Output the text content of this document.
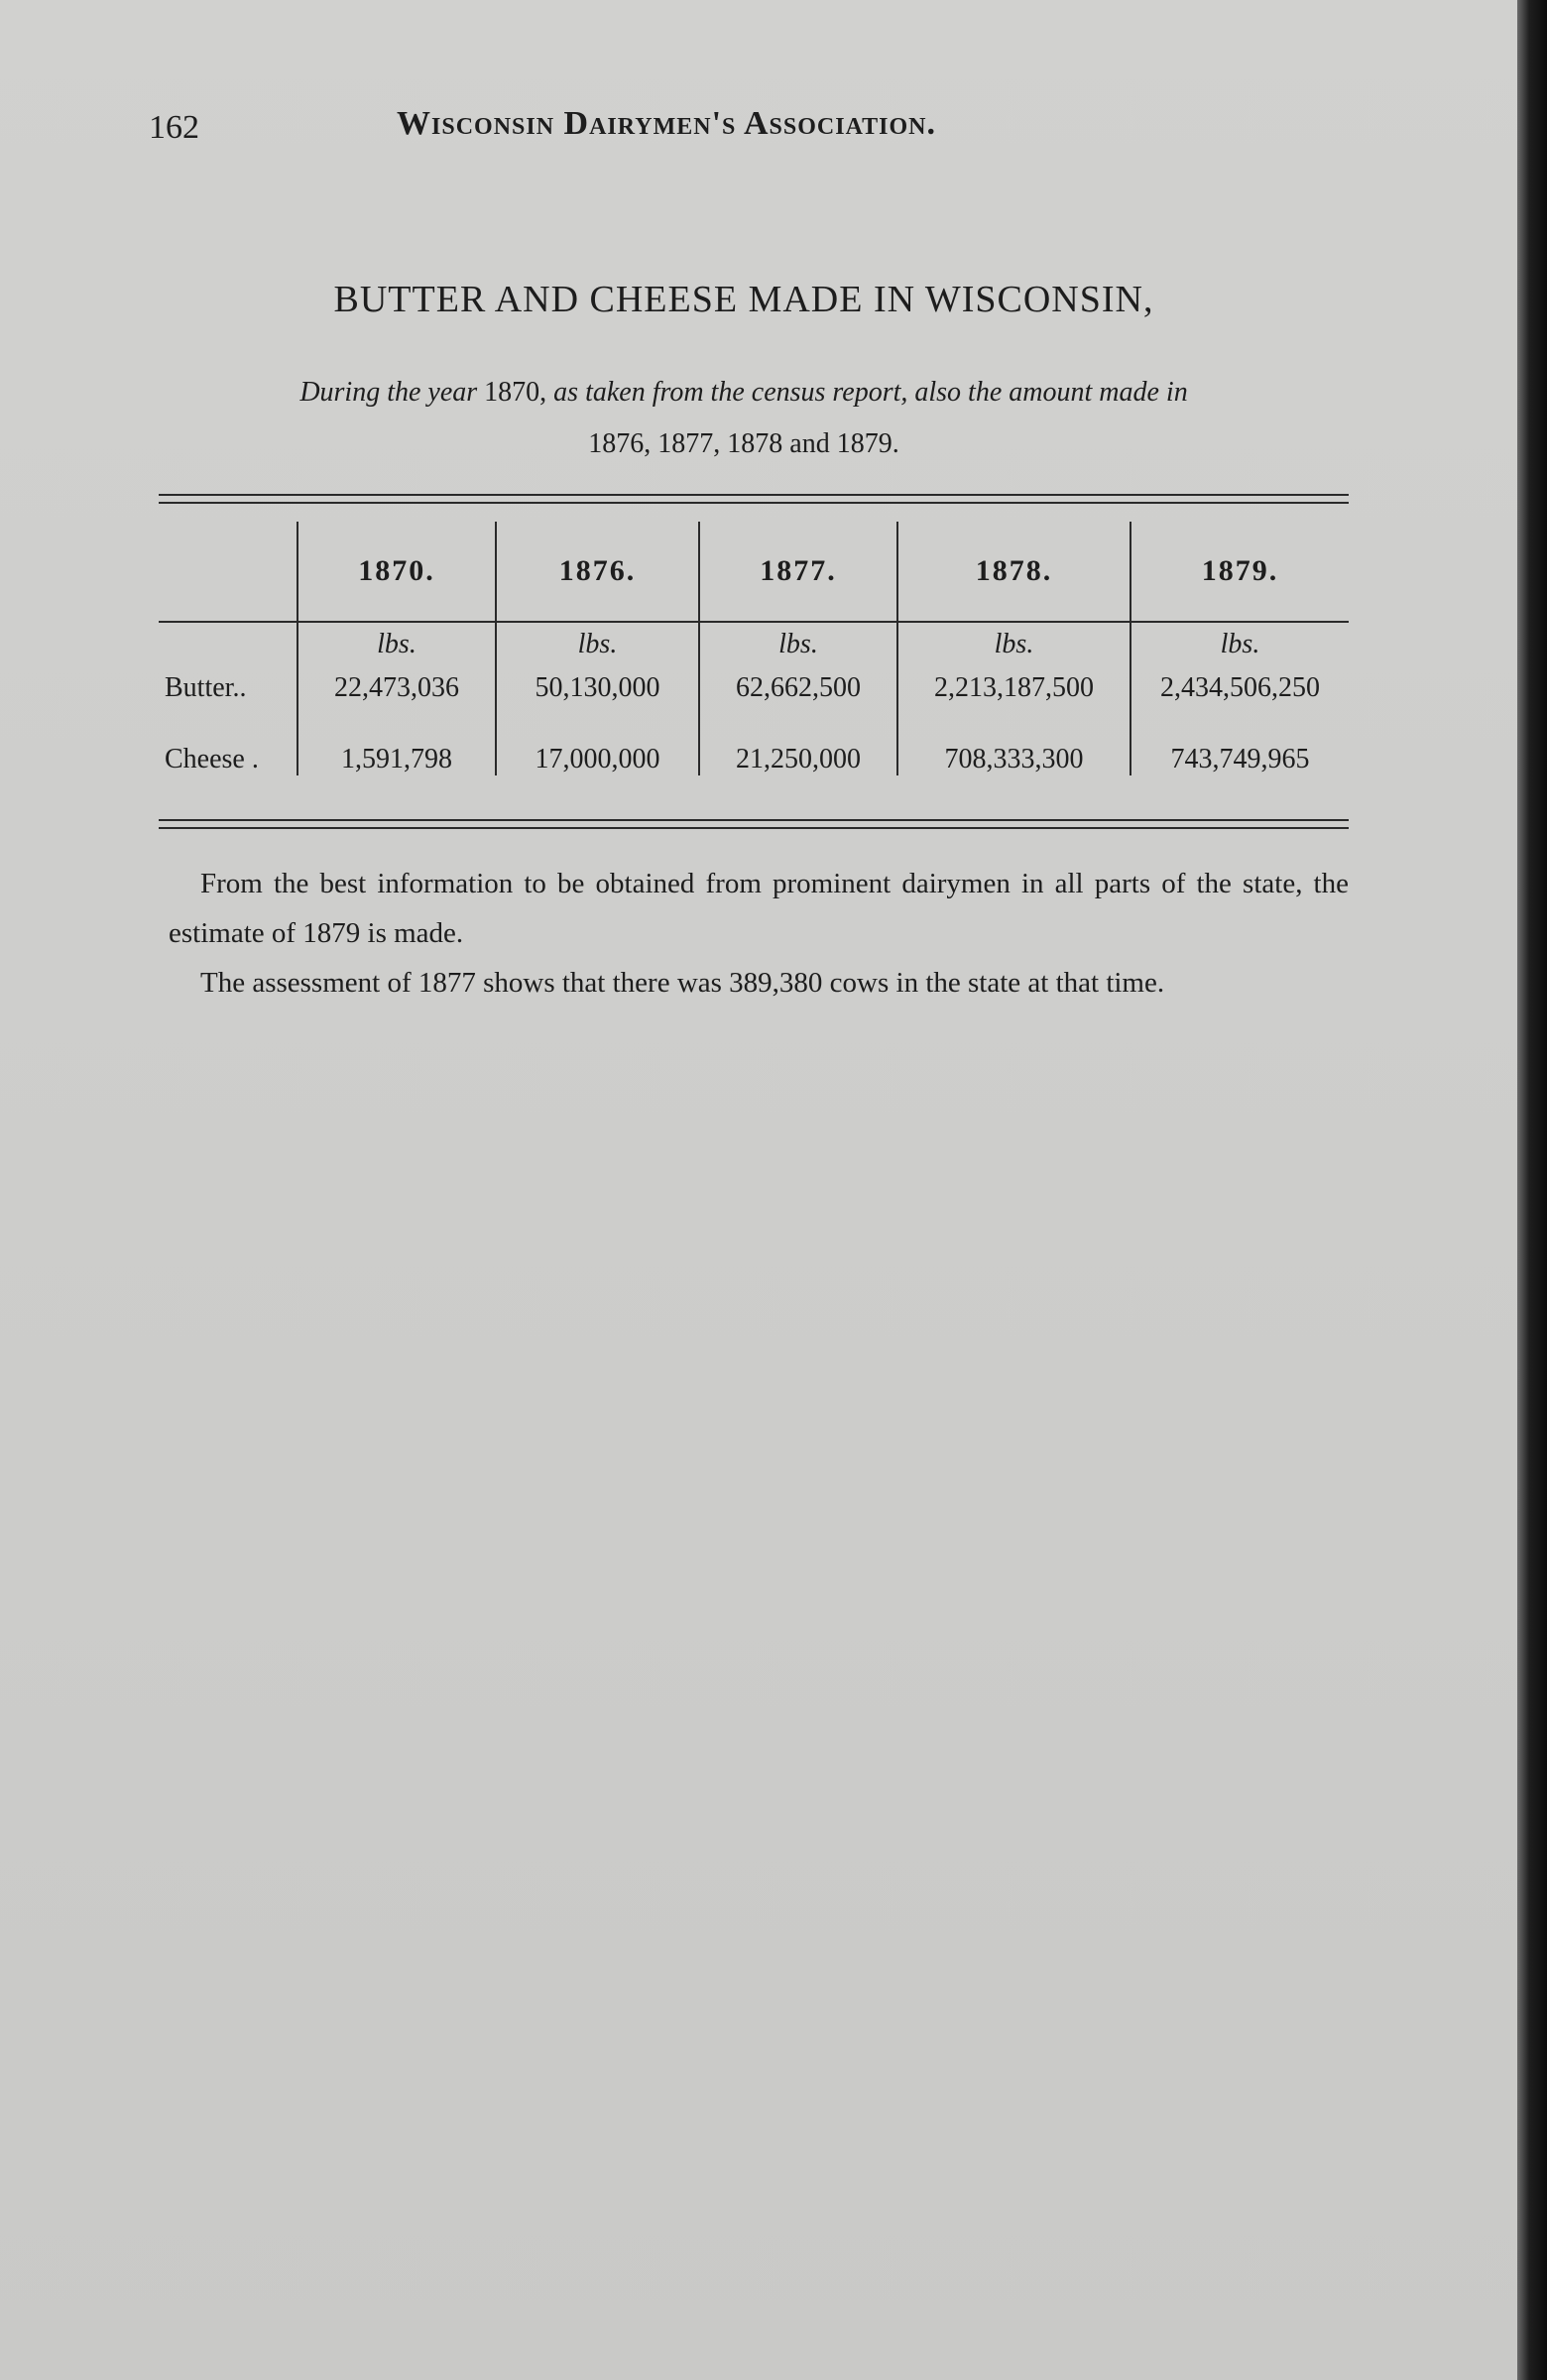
162	Wisconsin Dairymen's Association.
BUTTER AND CHEESE MADE IN WISCONSIN,
During the year 1870, as taken from the census report, also the amount made in
1876, 1877, 1878 and 1879.
	1870.	1876.	1877.	1878.	1879.
	lbs.	lbs.	lbs.	lbs.	lbs.
Butter..	22,473,036	50,130,000	62,662,500	2,213,187,500	2,434,506,250
Cheese .	1,591,798	17,000,000	21,250,000	708,333,300	743,749,965
From the best information to be obtained from prominent dairymen in all parts of the state, the estimate of 1879 is made.
The assessment of 1877 shows that there was 389,380 cows in the state at that time.
